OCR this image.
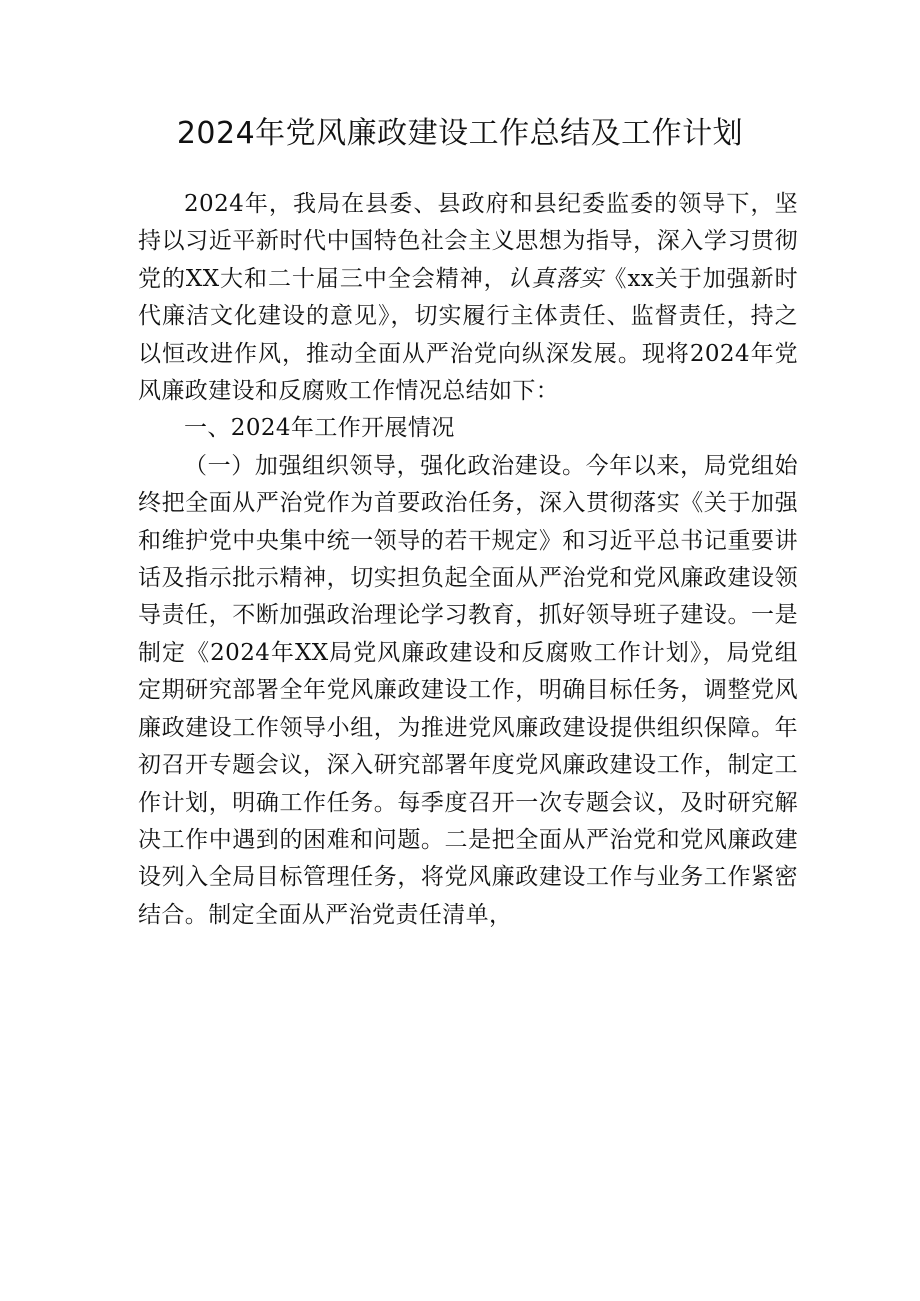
2024年党风廉政建设工作总结及工作计划

2024年，我局在县委、县政府和县纪委监委的领导下，坚持以习近平新时代中国特色社会主义思想为指导，深入学习贯彻党的XX大和二十届三中全会精神，认真落实《xx关于加强新时代廉洁文化建设的意见》，切实履行主体责任、监督责任，持之以恒改进作风，推动全面从严治党向纵深发展。现将2024年党风廉政建设和反腐败工作情况总结如下：

一、2024年工作开展情况

（一）加强组织领导，强化政治建设。今年以来，局党组始终把全面从严治党作为首要政治任务，深入贯彻落实《关于加强和维护党中央集中统一领导的若干规定》和习近平总书记重要讲话及指示批示精神，切实担负起全面从严治党和党风廉政建设领导责任，不断加强政治理论学习教育，抓好领导班子建设。一是制定《2024年XX局党风廉政建设和反腐败工作计划》，局党组定期研究部署全年党风廉政建设工作，明确目标任务，调整党风廉政建设工作领导小组，为推进党风廉政建设提供组织保障。年初召开专题会议，深入研究部署年度党风廉政建设工作，制定工作计划，明确工作任务。每季度召开一次专题会议，及时研究解决工作中遇到的困难和问题。二是把全面从严治党和党风廉政建设列入全局目标管理任务，将党风廉政建设工作与业务工作紧密结合。制定全面从严治党责任清单，
